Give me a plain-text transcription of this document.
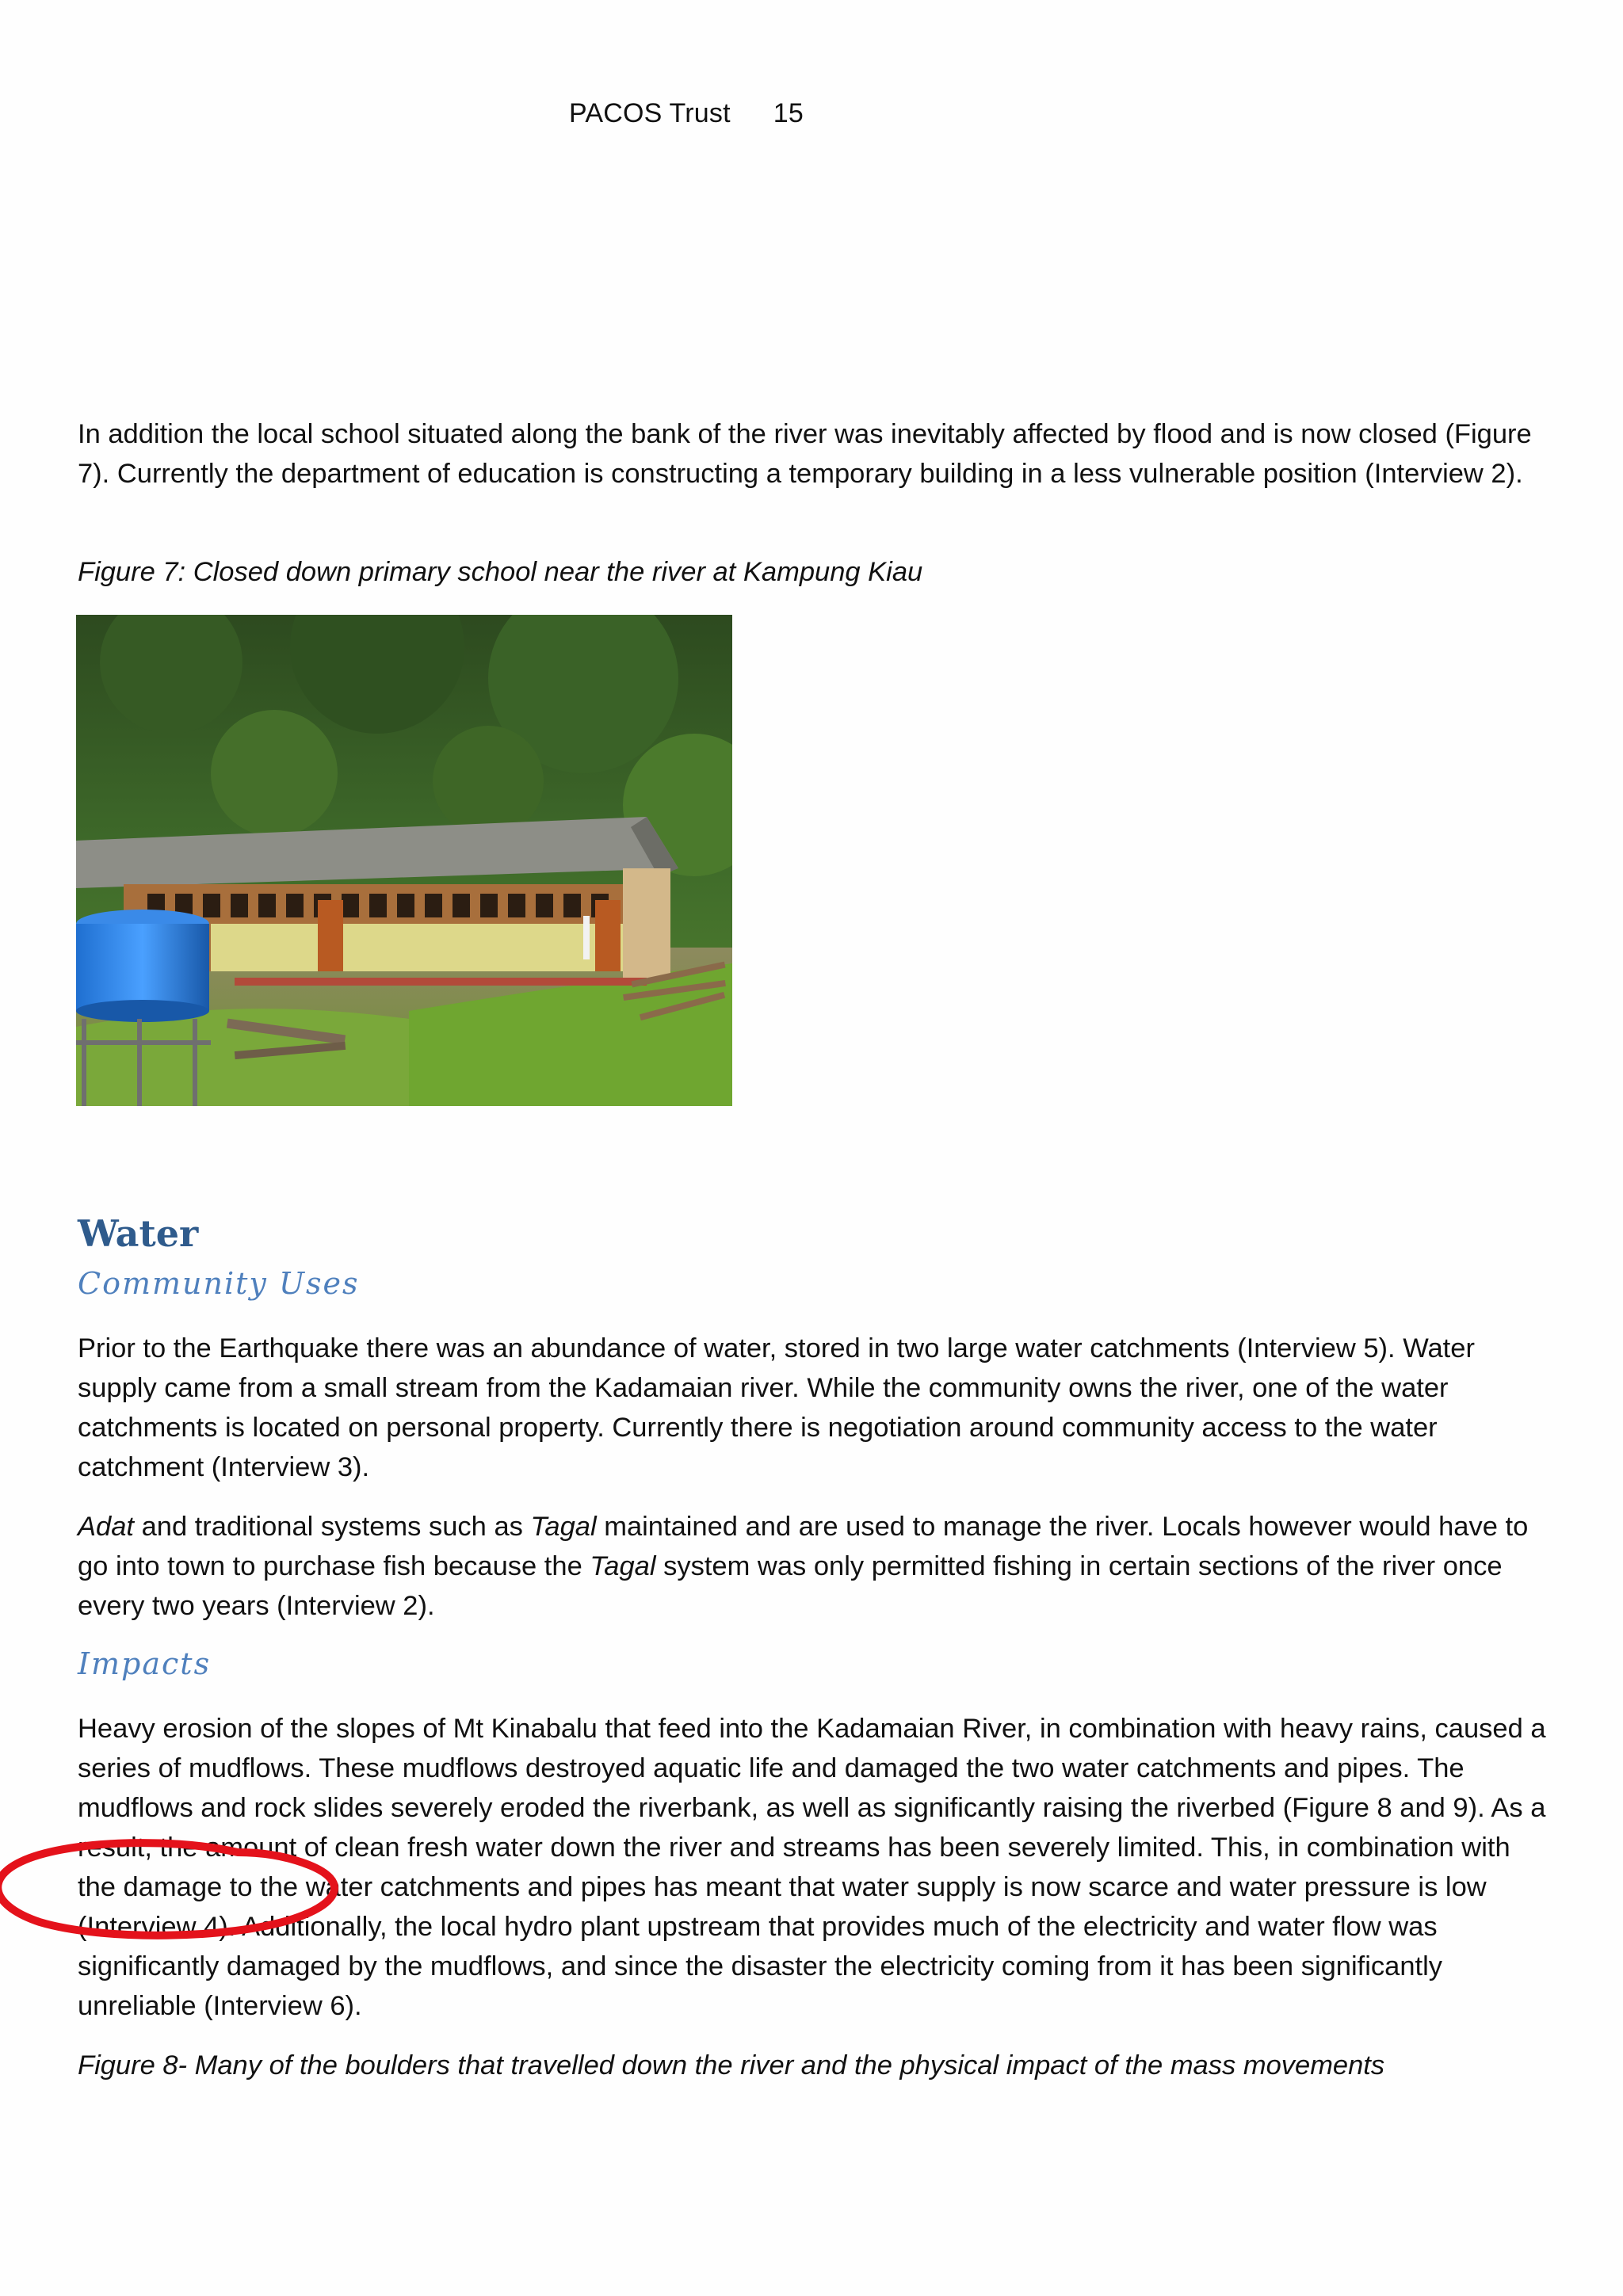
PACOS Trust 15

In addition the local school situated along the bank of the river was inevitably affected by flood and is now closed (Figure 7). Currently the department of education is constructing a temporary building in a less vulnerable position (Interview 2).

Figure 7: Closed down primary school near the river at Kampung Kiau

Water
Community Uses

Prior to the Earthquake there was an abundance of water, stored in two large water catchments (Interview 5). Water supply came from a small stream from the Kadamaian river. While the community owns the river, one of the water catchments is located on personal property. Currently there is negotiation around community access to the water catchment (Interview 3).

Adat and traditional systems such as Tagal maintained and are used to manage the river. Locals however would have to go into town to purchase fish because the Tagal system was only permitted fishing in certain sections of the river once every two years (Interview 2).

Impacts

Heavy erosion of the slopes of Mt Kinabalu that feed into the Kadamaian River, in combination with heavy rains, caused a series of mudflows. These mudflows destroyed aquatic life and damaged the two water catchments and pipes. The mudflows and rock slides severely eroded the riverbank, as well as significantly raising the riverbed (Figure 8 and 9). As a result, the amount of clean fresh water down the river and streams has been severely limited. This, in combination with the damage to the water catchments and pipes has meant that water supply is now scarce and water pressure is low (Interview 4). Additionally, the local hydro plant upstream that provides much of the electricity and water flow was significantly damaged by the mudflows, and since the disaster the electricity coming from it has been significantly unreliable (Interview 6).

Figure 8- Many of the boulders that travelled down the river and the physical impact of the mass movements
